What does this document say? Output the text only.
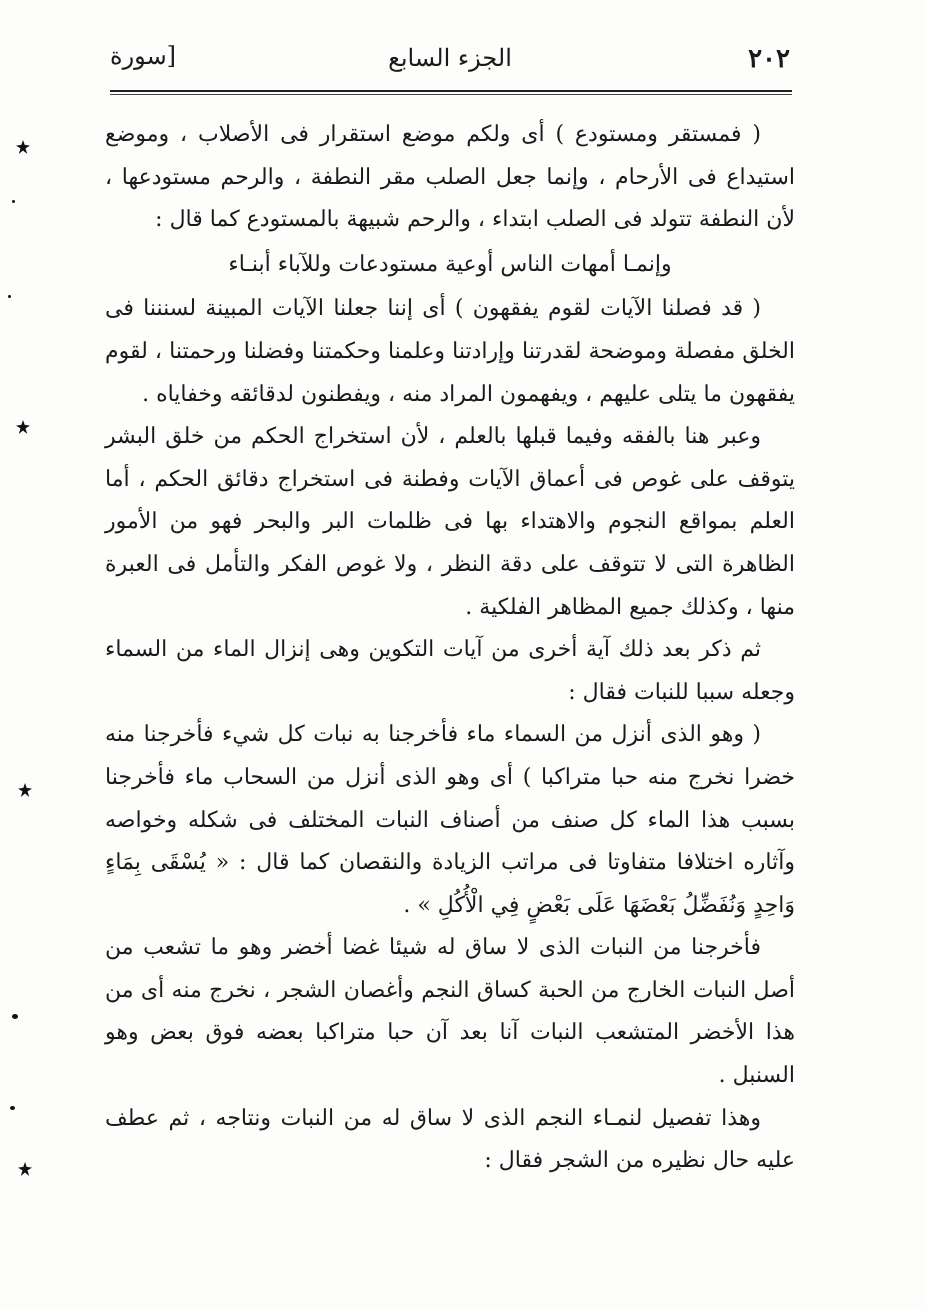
٢٠٢
الجزء السابع
[سورة

( فمستقر ومستودع ) أى ولكم موضع استقرار فى الأصلاب ، وموضع استيداع فى الأرحام ، وإنما جعل الصلب مقر النطفة ، والرحم مستودعها ، لأن النطفة تتولد فى الصلب ابتداء ، والرحم شبيهة بالمستودع كما قال :

وإنمـا أمهات الناس أوعية مستودعات وللآباء أبنـاء

( قد فصلنا الآيات لقوم يفقهون ) أى إننا جعلنا الآيات المبينة لسنننا فى الخلق مفصلة وموضحة لقدرتنا وإرادتنا وعلمنا وحكمتنا وفضلنا ورحمتنا ، لقوم يفقهون ما يتلى عليهم ، ويفهمون المراد منه ، ويفطنون لدقائقه وخفاياه .

وعبر هنا بالفقه وفيما قبلها بالعلم ، لأن استخراج الحكم من خلق البشر يتوقف على غوص فى أعماق الآيات وفطنة فى استخراج دقائق الحكم ، أما العلم بمواقع النجوم والاهتداء بها فى ظلمات البر والبحر فهو من الأمور الظاهرة التى لا تتوقف على دقة النظر ، ولا غوص الفكر والتأمل فى العبرة منها ، وكذلك جميع المظاهر الفلكية .

ثم ذكر بعد ذلك آية أخرى من آيات التكوين وهى إنزال الماء من السماء وجعله سببا للنبات فقال :

( وهو الذى أنزل من السماء ماء فأخرجنا به نبات كل شيء فأخرجنا منه خضرا نخرج منه حبا متراكبا ) أى وهو الذى أنزل من السحاب ماء فأخرجنا بسبب هذا الماء كل صنف من أصناف النبات المختلف فى شكله وخواصه وآثاره اختلافا متفاوتا فى مراتب الزيادة والنقصان كما قال : « يُسْقَى بِمَاءٍ وَاحِدٍ وَنُفَضِّلُ بَعْضَهَا عَلَى بَعْضٍ فِي الْأُكُلِ » .

فأخرجنا من النبات الذى لا ساق له شيئا غضا أخضر وهو ما تشعب من أصل النبات الخارج من الحبة كساق النجم وأغصان الشجر ، نخرج منه أى من هذا الأخضر المتشعب النبات آنا بعد آن حبا متراكبا بعضه فوق بعض وهو السنبل .

وهذا تفصيل لنمـاء النجم الذى لا ساق له من النبات ونتاجه ، ثم عطف عليه حال نظيره من الشجر فقال :
